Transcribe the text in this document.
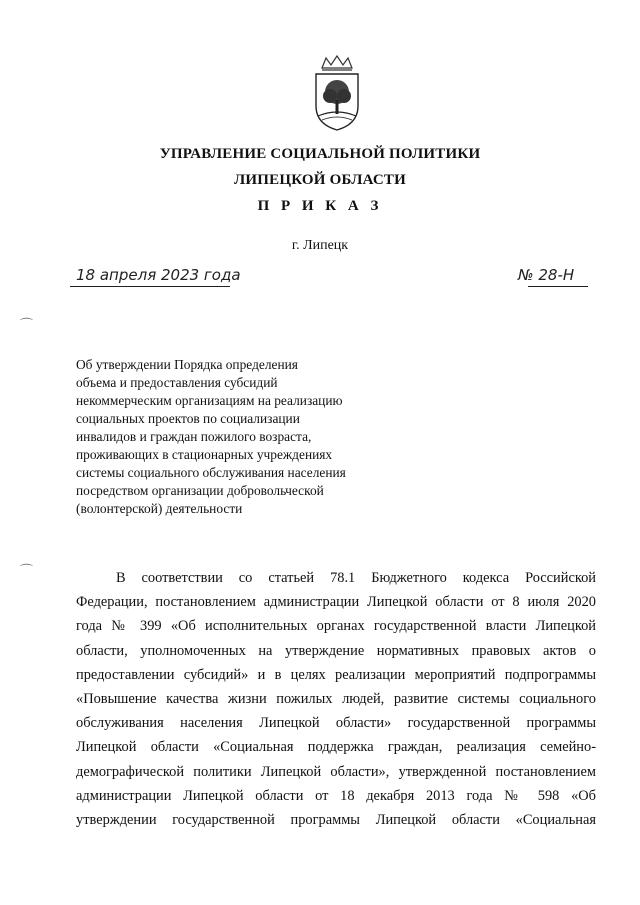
УПРАВЛЕНИЕ СОЦИАЛЬНОЙ ПОЛИТИКИ
ЛИПЕЦКОЙ ОБЛАСТИ
П Р И К А З
г. Липецк
18 апреля 2023 года	№ 28-Н
⌒
⌒
Об утверждении Порядка определения
объема и предоставления субсидий
некоммерческим организациям на реализацию
социальных проектов по социализации
инвалидов и граждан пожилого возраста,
проживающих в стационарных учреждениях
системы социального обслуживания населения
посредством организации добровольческой
(волонтерской) деятельности
В соответствии со статьей 78.1 Бюджетного кодекса Российской
Федерации, постановлением администрации Липецкой области от 8 июля 2020
года № 399 «Об исполнительных органах государственной власти Липецкой
области, уполномоченных на утверждение нормативных правовых актов о
предоставлении субсидий» и в целях реализации мероприятий подпрограммы
«Повышение качества жизни пожилых людей, развитие системы социального
обслуживания населения Липецкой области» государственной программы
Липецкой области «Социальная поддержка граждан, реализация семейно-
демографической политики Липецкой области», утвержденной постановлением
администрации Липецкой области от 18 декабря 2013 года № 598 «Об
утверждении государственной программы Липецкой области «Социальная
